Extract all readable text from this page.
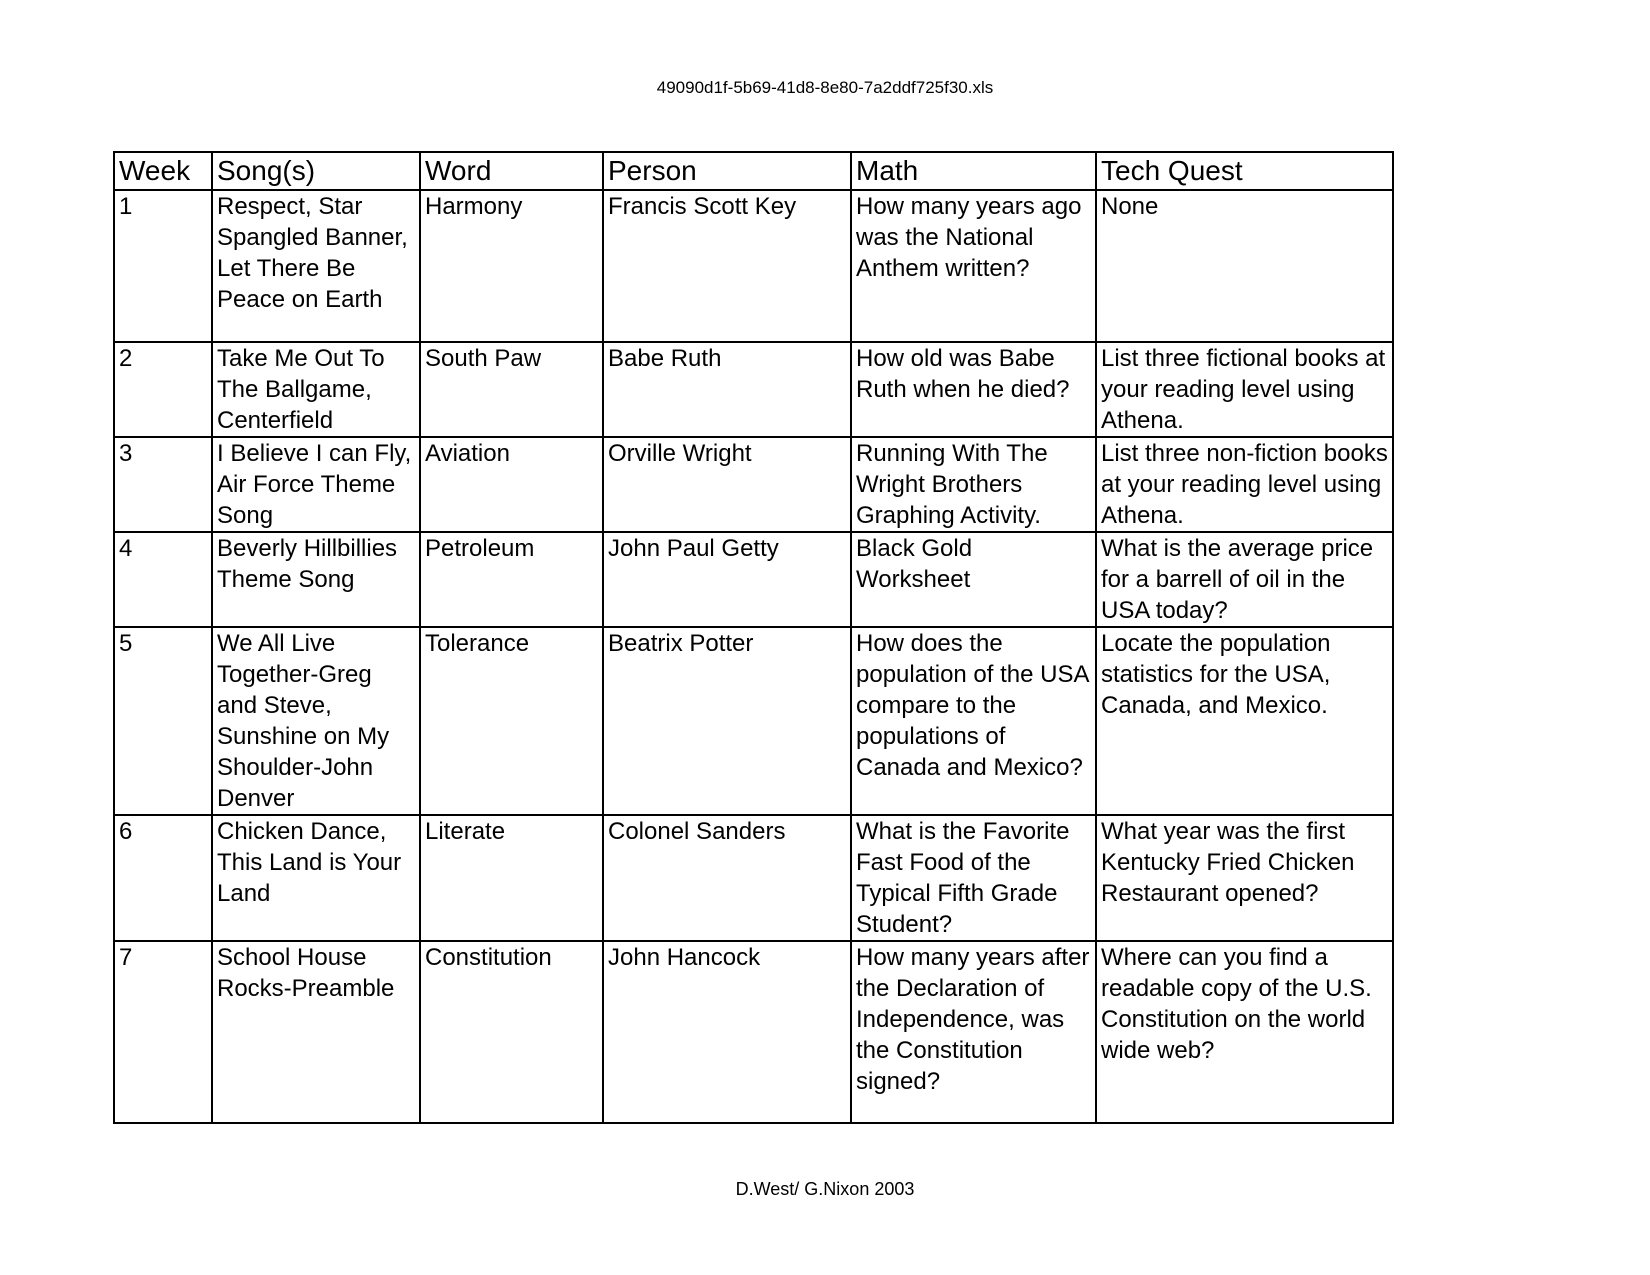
49090d1f-5b69-41d8-8e80-7a2ddf725f30.xls
Week	Song(s)	Word	Person	Math	Tech Quest
1	Respect, Star Spangled Banner, Let There Be Peace on Earth	Harmony	Francis Scott Key	How many years ago was the National Anthem written?	None
2	Take Me Out To The Ballgame, Centerfield	South Paw	Babe Ruth	How old was Babe Ruth when he died?	List three fictional books at your reading level using Athena.
3	I Believe I can Fly, Air Force Theme Song	Aviation	Orville Wright	Running With The Wright Brothers Graphing Activity.	List three non-fiction books at your reading level using Athena.
4	Beverly Hillbillies Theme Song	Petroleum	John Paul Getty	Black Gold Worksheet	What is the average price for a barrell of oil in the USA today?
5	We All Live Together-Greg and Steve, Sunshine on My Shoulder-John Denver	Tolerance	Beatrix Potter	How does the population of the USA compare to the populations of Canada and Mexico?	Locate the population statistics for the USA, Canada, and Mexico.
6	Chicken Dance, This Land is Your Land	Literate	Colonel Sanders	What is the Favorite Fast Food of the Typical Fifth Grade Student?	What year was the first Kentucky Fried Chicken Restaurant opened?
7	School House Rocks-Preamble	Constitution	John Hancock	How many years after the Declaration of Independence, was the Constitution signed?	Where can you find a readable copy of the U.S. Constitution on the world wide web?
D.West/ G.Nixon 2003
